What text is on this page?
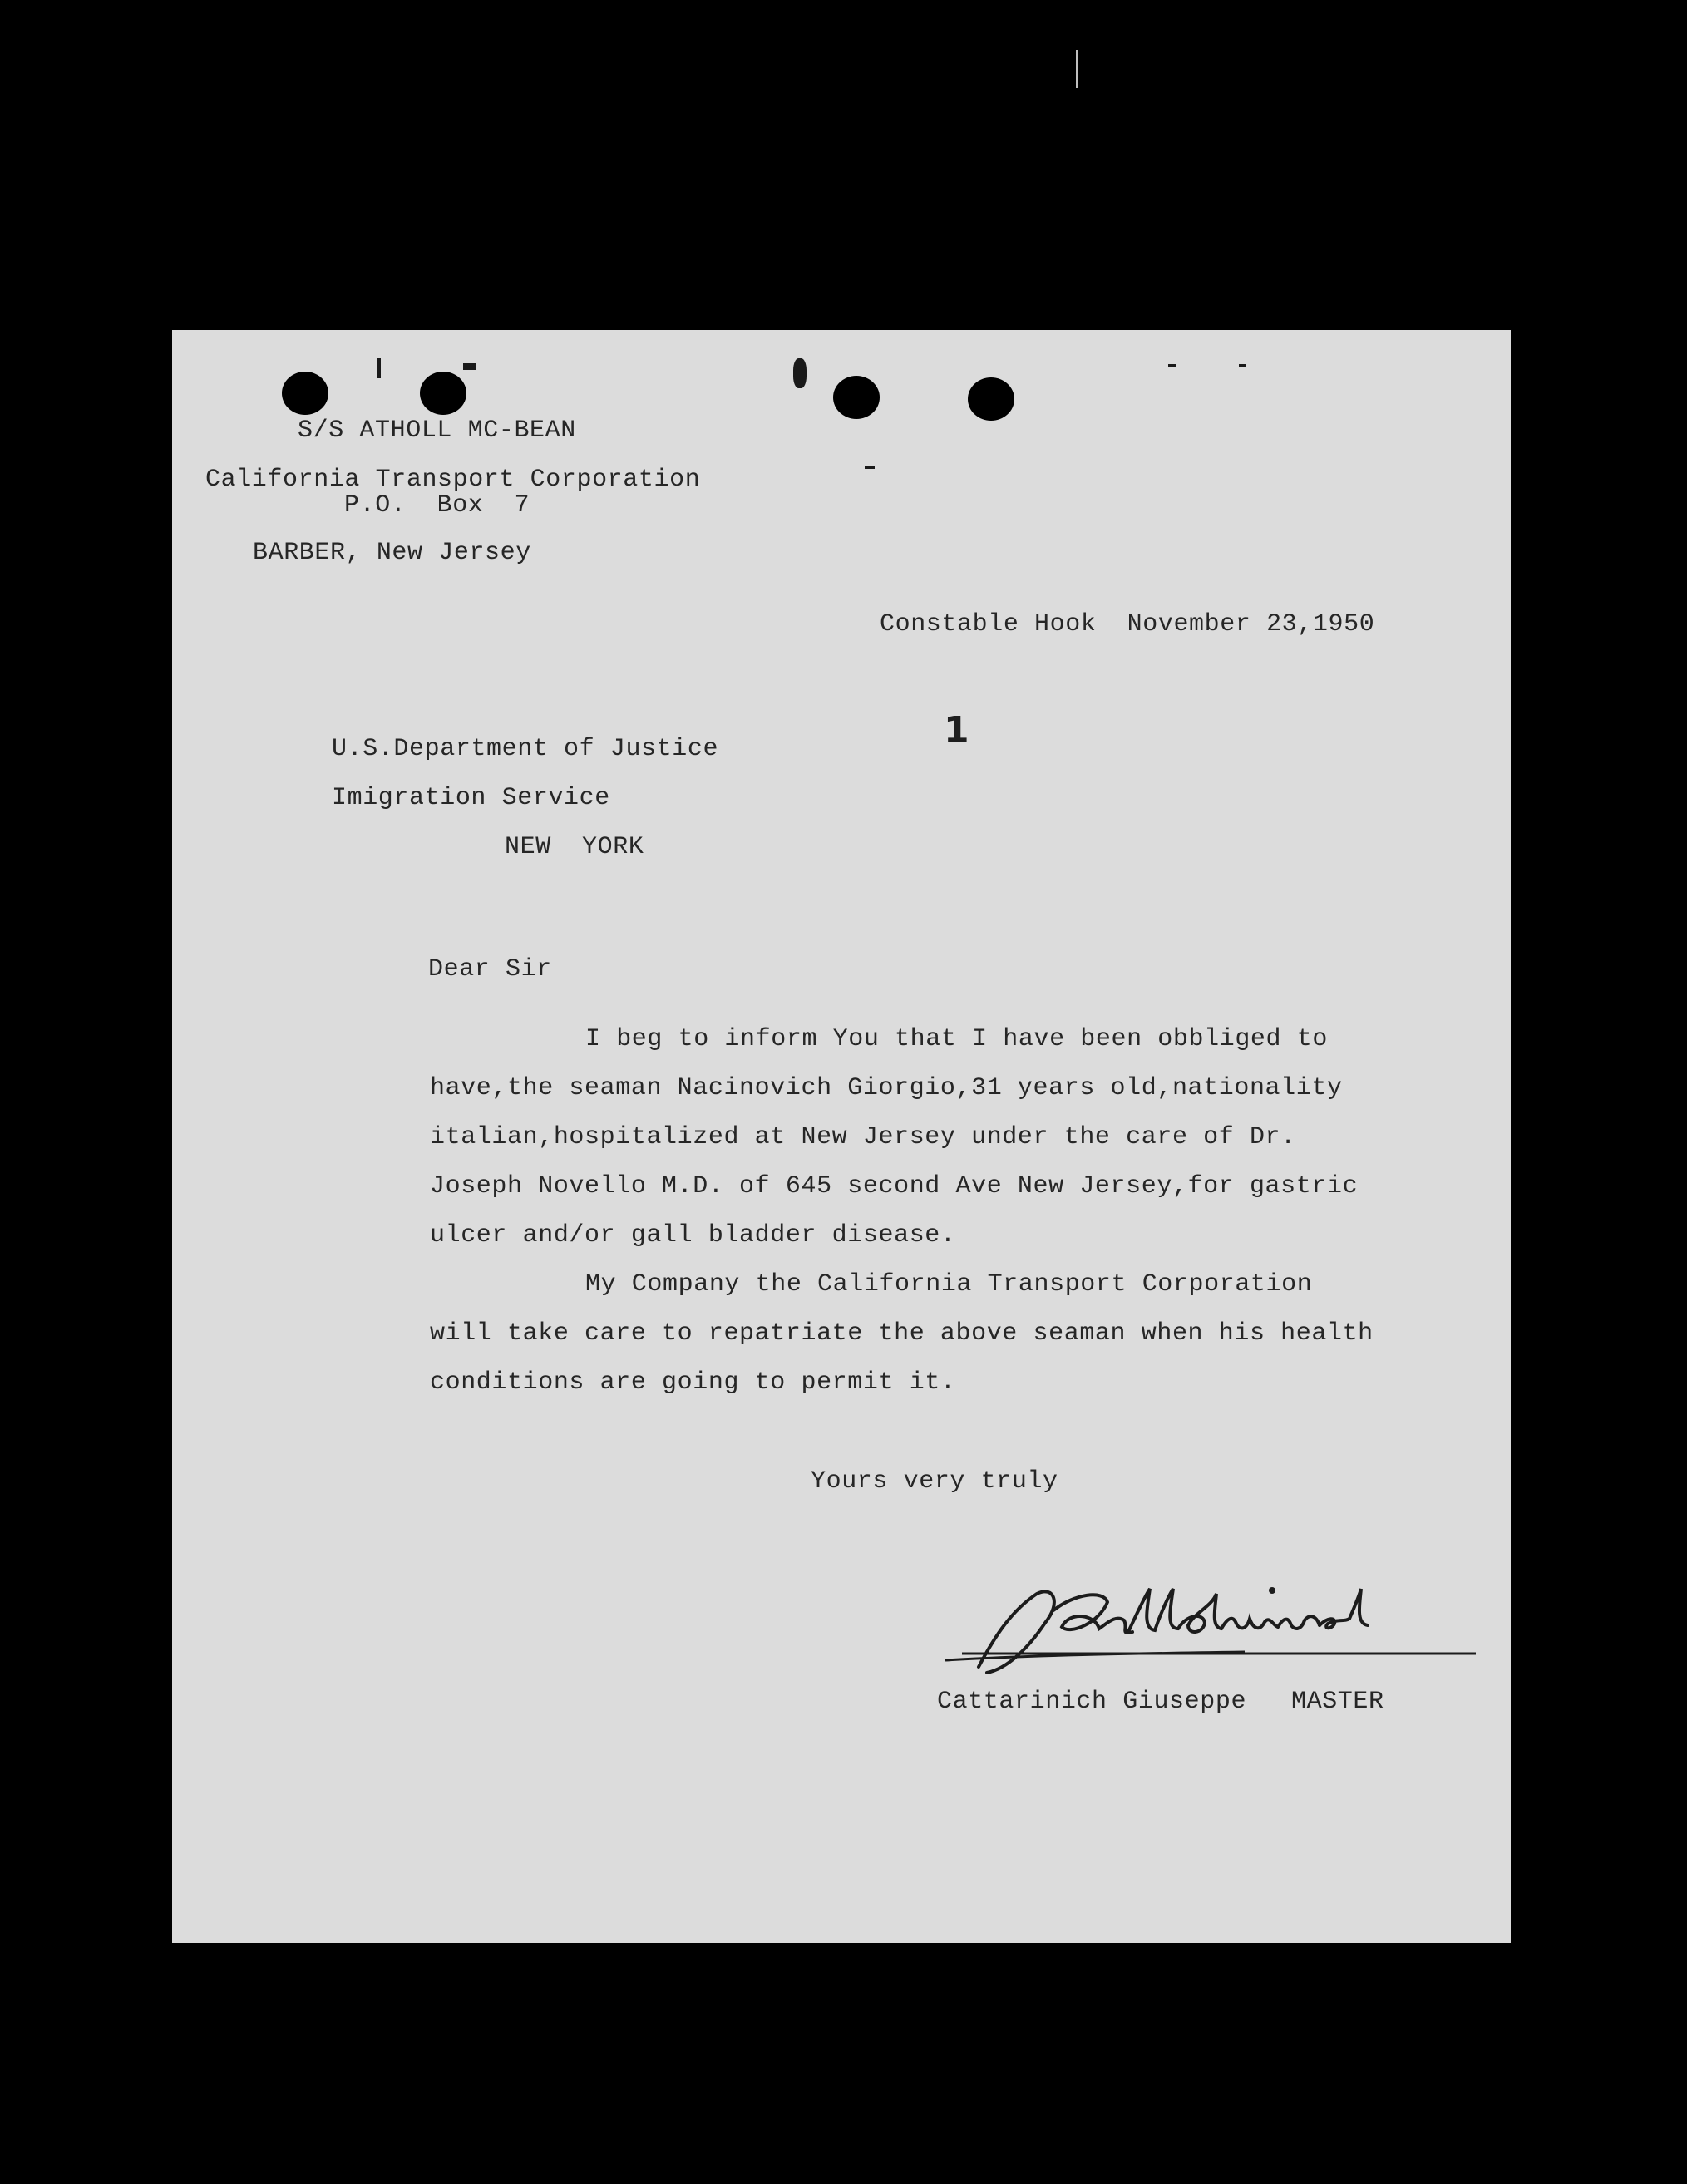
S/S ATHOLL MC-BEAN
California Transport Corporation
P.O.  Box  7
BARBER, New Jersey
Constable Hook  November 23,1950
1
U.S.Department of Justice
Imigration Service
NEW  YORK
Dear Sir
I beg to inform You that I have been obbliged to
have,the seaman Nacinovich Giorgio,31 years old,nationality
italian,hospitalized at New Jersey under the care of Dr.
Joseph Novello M.D. of 645 second Ave New Jersey,for gastric
ulcer and/or gall bladder disease.
My Company the California Transport Corporation
will take care to repatriate the above seaman when his health
conditions are going to permit it.
Yours very truly
Cattarinich Giuseppe MASTER
